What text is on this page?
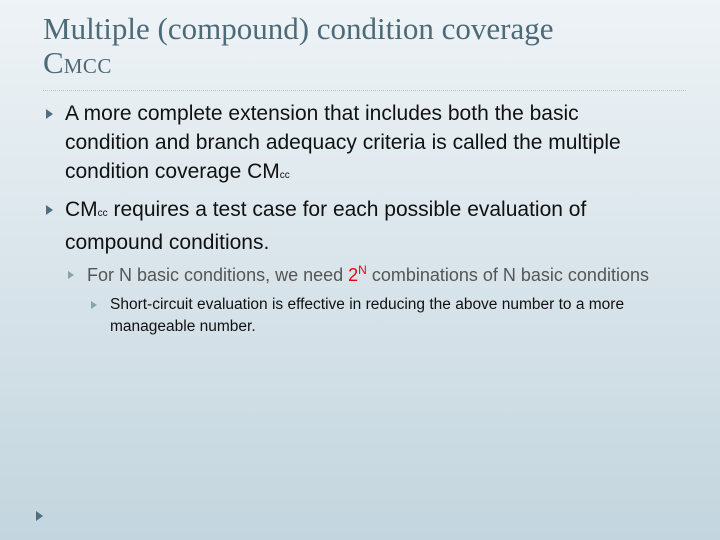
Multiple (compound) condition coverage
CMCC
A more complete extension that includes both the basic condition and branch adequacy criteria is called the multiple condition coverage CMcc
CMcc requires a test case for each possible evaluation of compound conditions.
For N basic conditions, we need $2^N$ combinations of N basic conditions
Short-circuit evaluation is effective in reducing the above number to a more manageable number.
